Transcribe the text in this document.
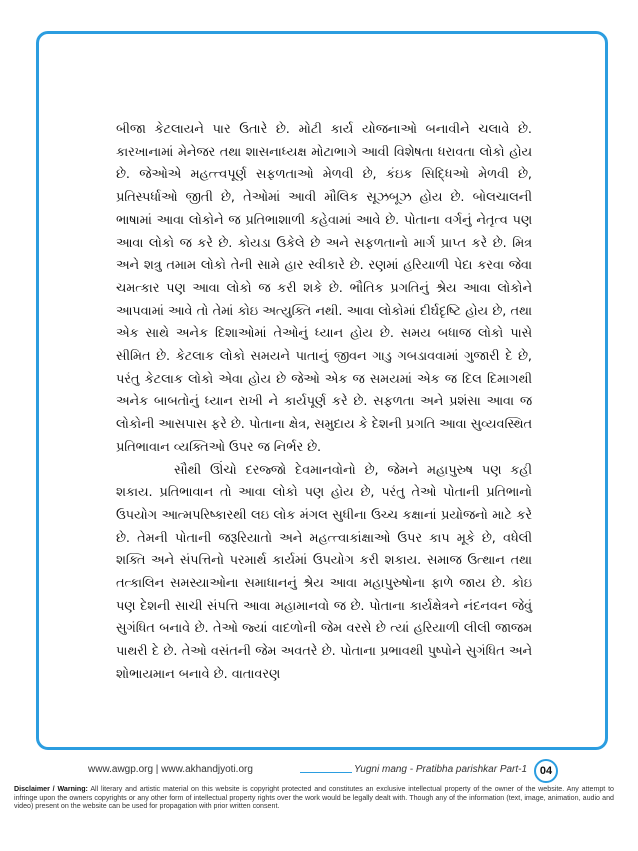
બીજા કેટલાયને પાર ઉતારે છે. મોટી કાર્ય યોજનાઓ બનાવીને ચલાવે છે. કારખાનામાં મેનેજર તથા શાસનાધ્યક્ષ મોટાભાગે આવી વિશેષતા ધરાવતા લોકો હોય છે. જેઓએ મહત્ત્વપૂર્ણ સફળતાઓ મેળવી છે, કંઇક સિદ્ધિઓ મેળવી છે, પ્રતિસ્પર્ધાઓ જીતી છે, તેઓમાં આવી મૌલિક સૂઝબૂઝ હોય છે. બોલચાલની ભાષામાં આવા લોકોને જ પ્રતિભાશાળી કહેવામાં આવે છે. પોતાના વર્ગનું નેતૃત્વ પણ આવા લોકો જ કરે છે. કોયડા ઉકેલે છે અને સફળતાનો માર્ગ પ્રાપ્ત કરે છે. મિત્ર અને શત્રુ તમામ લોકો તેની સામે હાર સ્વીકારે છે. રણમાં હરિયાળી પેદા કરવા જેવા ચમત્કાર પણ આવા લોકો જ કરી શકે છે. ભૌતિક પ્રગતિનું શ્રેય આવા લોકોને આપવામાં આવે તો તેમાં કોઇ અત્યુક્તિ નથી. આવા લોકોમાં દીર્ઘદૃષ્ટિ હોય છે, તથા એક સાથે અનેક દિશાઓમાં તેઓનું ધ્યાન હોય છે. સમય બધાજ લોકો પાસે સીમિત છે. કેટલાક લોકો સમયને પાતાનું જીવન ગાડુ ગબડાવવામાં ગુજારી દે છે, પરંતુ કેટલાક લોકો એવા હોય છે જેઓ એક જ સમયમાં એક જ દિલ દિમાગથી અનેક બાબતોનું ધ્યાન રાખી ને કાર્યપૂર્ણ કરે છે. સફળતા અને પ્રશંસા આવા જ લોકોની આસપાસ ફરે છે. પોતાના ક્ષેત્ર, સમુદાય કે દેશની પ્રગતિ આવા સુવ્યવસ્થિત પ્રતિભાવાન વ્યક્તિઓ ઉપર જ નિર્ભર છે.

સૌથી ઊંચો દરજ્જો દેવમાનવોનો છે, જેમને મહાપુરુષ પણ કહી શકાય. પ્રતિભાવાન તો આવા લોકો પણ હોય છે, પરંતુ તેઓ પોતાની પ્રતિભાનો ઉપયોગ આત્મપરિષ્કારથી લઇ લોક મંગલ સુધીના ઉચ્ચ કક્ષાનાં પ્રયોજનો માટે કરે છે. તેમની પોતાની જરૂરિયાતો અને મહત્ત્વાકાંક્ષાઓ ઉપર કાપ મૂકે છે, વધેલી શક્તિ અને સંપત્તિનો પરમાર્થ કાર્યમાં ઉપયોગ કરી શકાય. સમાજ ઉત્થાન તથા તત્કાલિન સમસ્યાઓના સમાધાનનું શ્રેય આવા મહાપુરુષોના ફાળે જાય છે. કોઇ પણ દેશની સાચી સંપત્તિ આવા મહામાનવો જ છે. પોતાના કાર્યક્ષેત્રને નંદનવન જેવું સુગંધિત બનાવે છે. તેઓ જ્યાં વાદળોની જેમ વરસે છે ત્યાં હરિયાળી લીલી જાજમ પાથરી દે છે. તેઓ વસંતની જેમ અવતરે છે. પોતાના પ્રભાવથી પુષ્પોને સુગંધિત અને શોભાયમાન બનાવે છે. વાતાવરણ

www.awgp.org | www.akhandjyoti.org	Yugni mang - Pratibha parishkar Part-1 04
Disclaimer / Warning: All literary and artistic material on this website is copyright protected and constitutes an exclusive intellectual property of the owner of the website. Any attempt to infringe upon the owners copyrights or any other form of intellectual property rights over the work would be legally dealt with. Though any of the information (text, image, animation, audio and video) present on the website can be used for propagation with prior written consent.
